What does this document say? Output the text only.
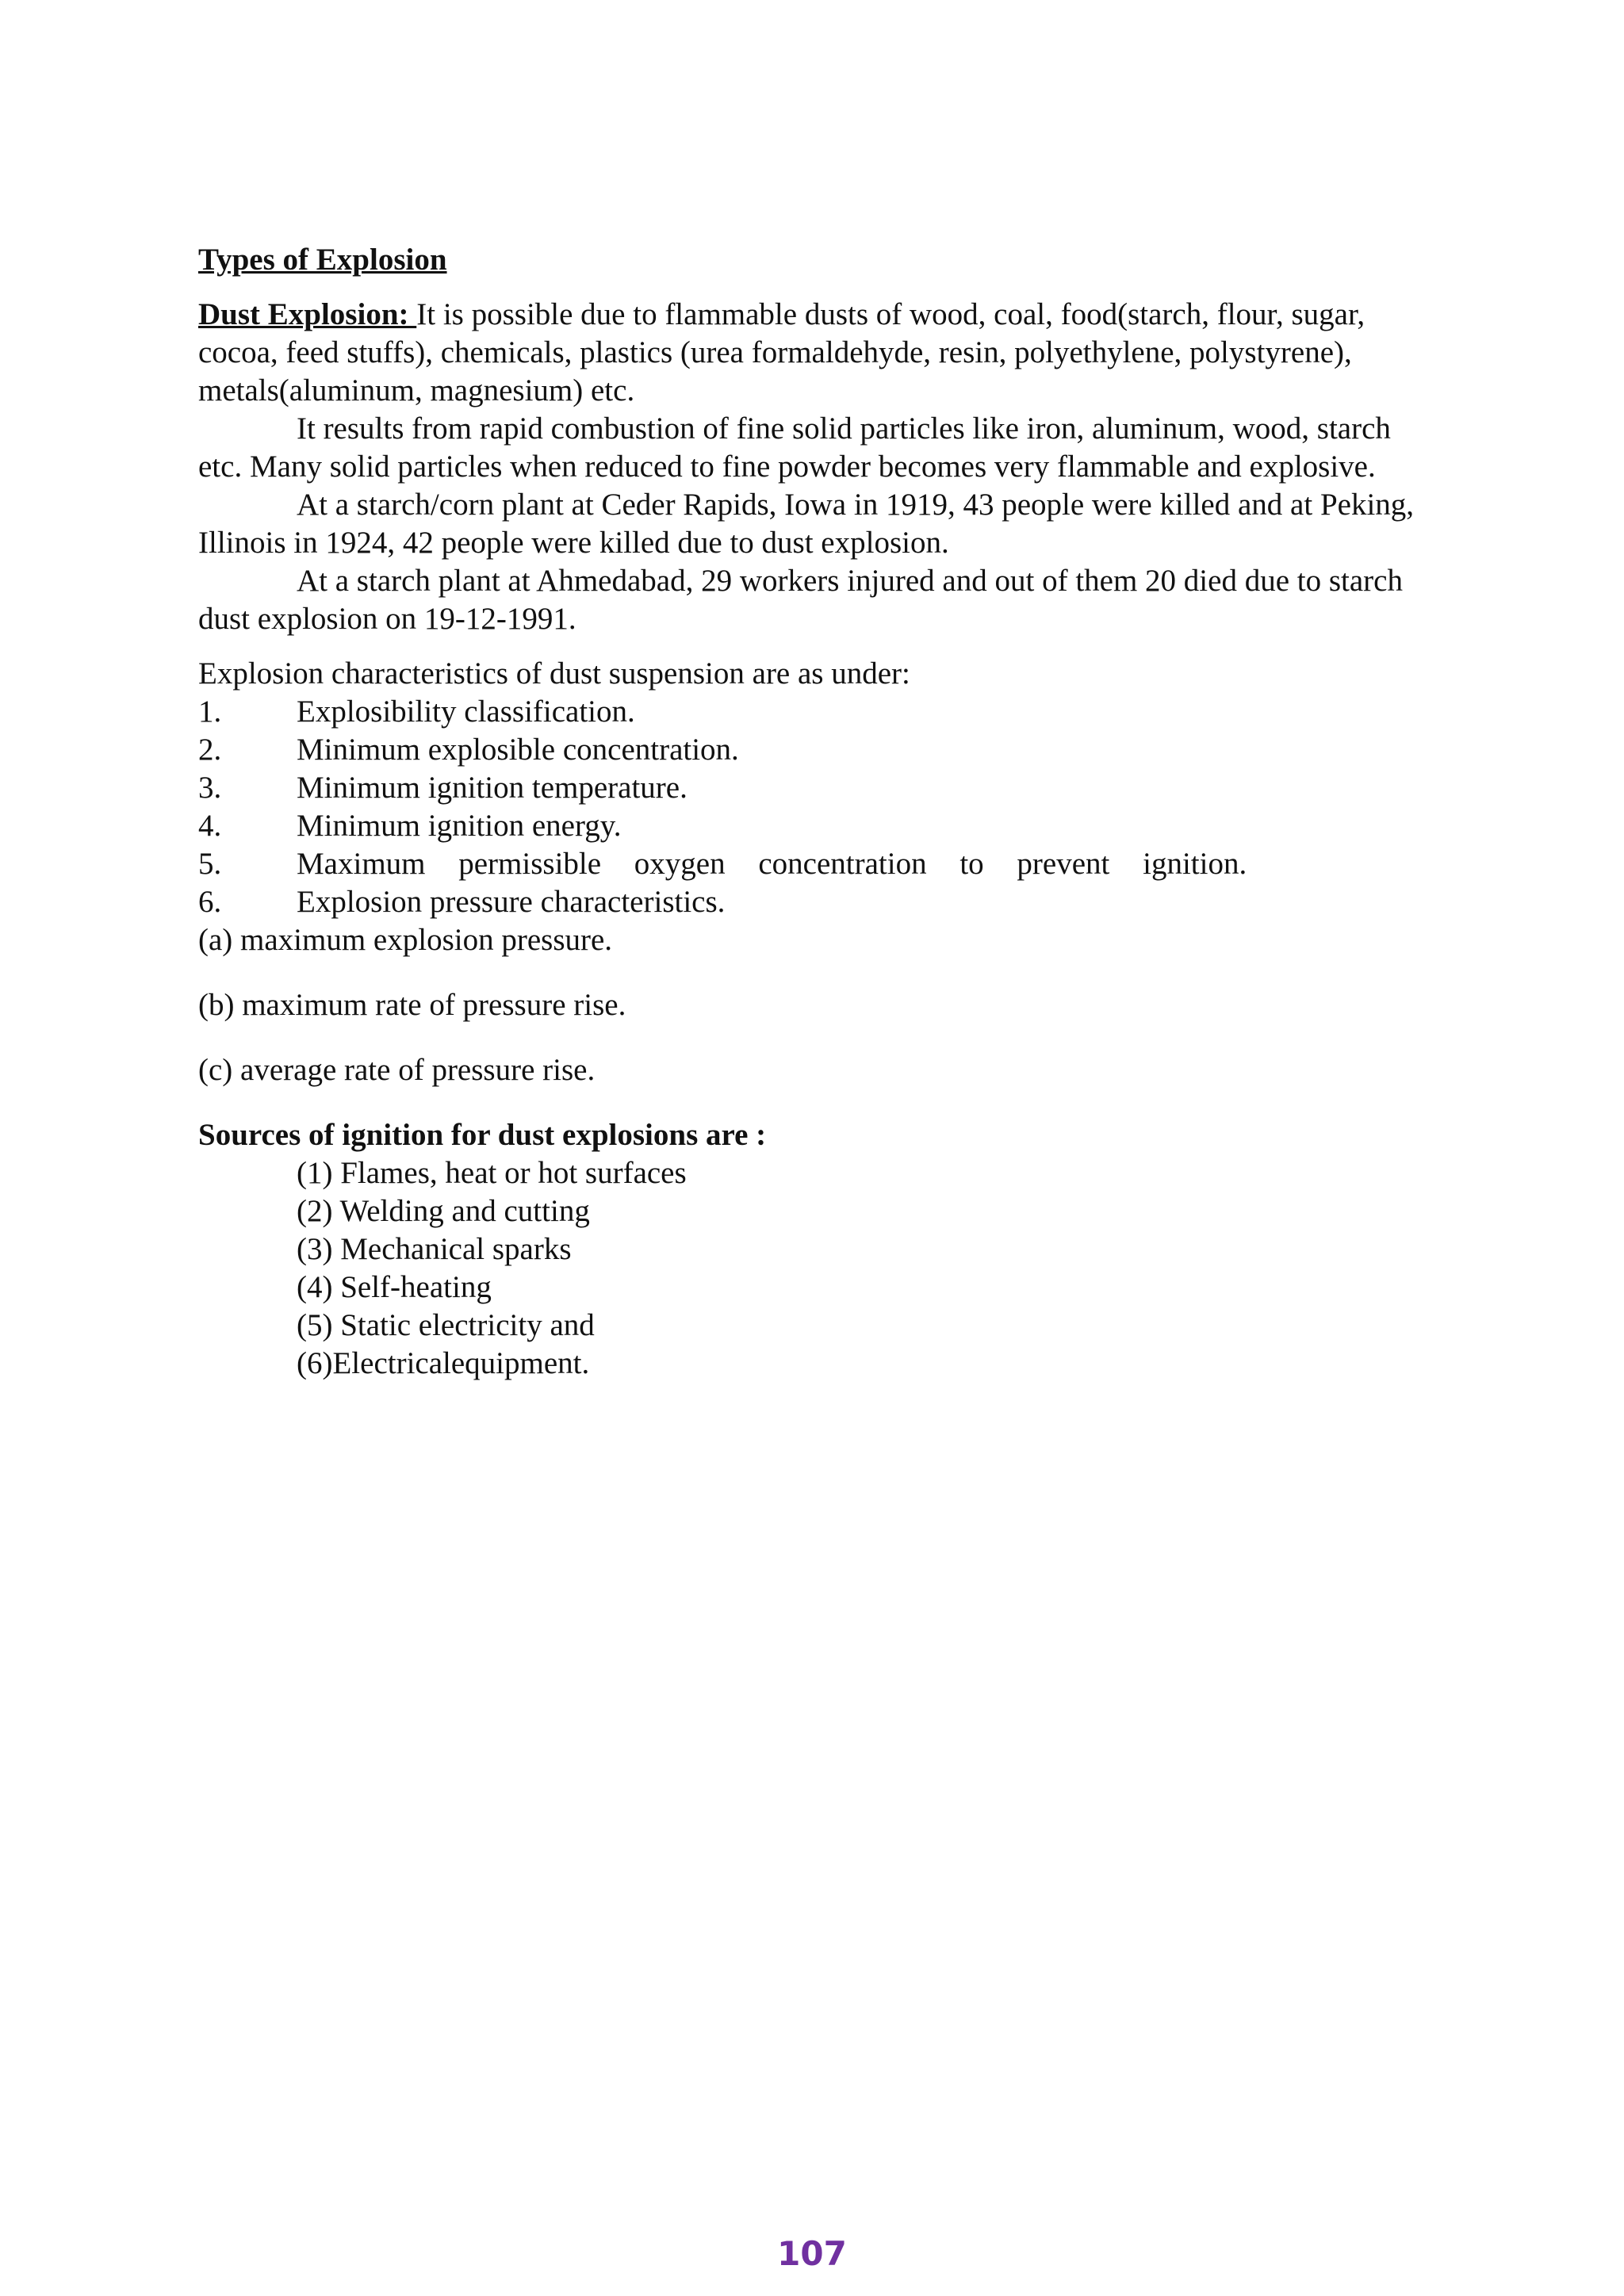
Types of Explosion

Dust Explosion: It is possible due to flammable dusts of wood, coal, food(starch, flour, sugar, cocoa, feed stuffs), chemicals, plastics (urea formaldehyde, resin, polyethylene, polystyrene), metals(aluminum, magnesium) etc.

It results from rapid combustion of fine solid particles like iron, aluminum, wood, starch etc. Many solid particles when reduced to fine powder becomes very flammable and explosive.

At a starch/corn plant at Ceder Rapids, Iowa in 1919, 43 people were killed and at Peking, Illinois in 1924, 42 people were killed due to dust explosion.

At a starch plant at Ahmedabad, 29 workers injured and out of them 20 died due to starch dust explosion on 19-12-1991.

Explosion characteristics of dust suspension are as under:

1.	Explosibility classification.
2.	Minimum explosible concentration.
3.	Minimum ignition temperature.
4.	Minimum ignition energy.
5.	Maximum permissible oxygen concentration to prevent ignition.
6.	Explosion pressure characteristics.

(a) maximum explosion pressure.

(b) maximum rate of pressure rise.

(c) average rate of pressure rise.

Sources of ignition for dust explosions are :

(1) Flames, heat or hot surfaces
(2) Welding and cutting
(3) Mechanical sparks
(4) Self-heating
(5) Static electricity and
(6)Electricalequipment.
107
